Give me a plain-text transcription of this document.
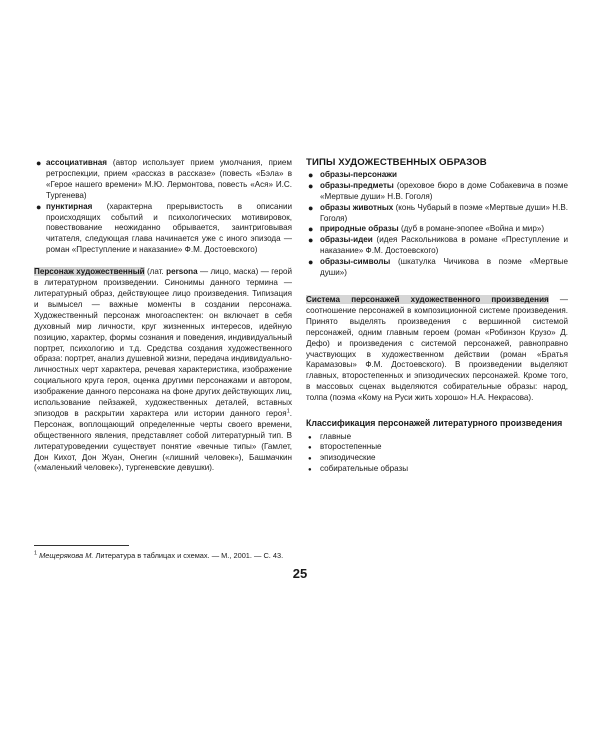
● ассоциативная (автор использует прием умолчания, прием ретроспекции, прием «рассказ в рассказе» (повесть «Бэла» в «Герое нашего времени» М.Ю. Лермонтова, повесть «Ася» И.С. Тургенева)
● пунктирная (характерна прерывистость в описании происходящих событий и психологических мотивировок, повествование неожиданно обрывается, заинтриговывая читателя, следующая глава начинается уже с иного эпизода — роман «Преступление и наказание» Ф.М. Достоевского)

Персонаж художественный (лат. persona — лицо, маска) — герой в литературном произведении. Синонимы данного термина — литературный образ, действующее лицо произведения. Типизация и вымысел — важные моменты в создании персонажа. Художественный персонаж многоаспектен: он включает в себя духовный мир личности, круг жизненных интересов, идейную позицию, характер, формы сознания и поведения, индивидуальный портрет, психологию и т.д. Средства создания художественного образа: портрет, анализ душевной жизни, передача индивидуально-личностных черт характера, речевая характеристика, изображение социального круга героя, оценка другими персонажами и автором, изображение данного персонажа на фоне других действующих лиц, использование пейзажей, художественных деталей, вставных эпизодов в раскрытии характера или истории данного героя$^1$. Персонаж, воплощающий определенные черты своего времени, общественного явления, представляет собой литературный тип. В литературоведении существует понятие «вечные типы» (Гамлет, Дон Кихот, Дон Жуан, Онегин («лишний человек»), Башмачкин («маленький человек»), тургеневские девушки).

ТИПЫ ХУДОЖЕСТВЕННЫХ ОБРАЗОВ
● образы-персонажи
● образы-предметы (ореховое бюро в доме Собакевича в поэме «Мертвые души» Н.В. Гоголя)
● образы животных (конь Чубарый в поэме «Мертвые души» Н.В. Гоголя)
● природные образы (дуб в романе-эпопее «Война и мир»)
● образы-идеи (идея Раскольникова в романе «Преступление и наказание» Ф.М. Достоевского)
● образы-символы (шкатулка Чичикова в поэме «Мертвые души»)

Система персонажей художественного произведения — соотношение персонажей в композиционной системе произведения. Принято выделять произведения с вершинной системой персонажей, одним главным героем (роман «Робинзон Крузо» Д. Дефо) и произведения с системой персонажей, равноправно участвующих в художественном действии (роман «Братья Карамазовы» Ф.М. Достоевского). В произведении выделяют главных, второстепенных и эпизодических персонажей. Кроме того, в массовых сценах выделяются собирательные образы: народ, толпа (поэма «Кому на Руси жить хорошо» Н.А. Некрасова).

Классификация персонажей литературного произведения
● главные
● второстепенные
● эпизодические
● собирательные образы
$^1$ Мещерякова М. Литература в таблицах и схемах. — М., 2001. — С. 43.
25
